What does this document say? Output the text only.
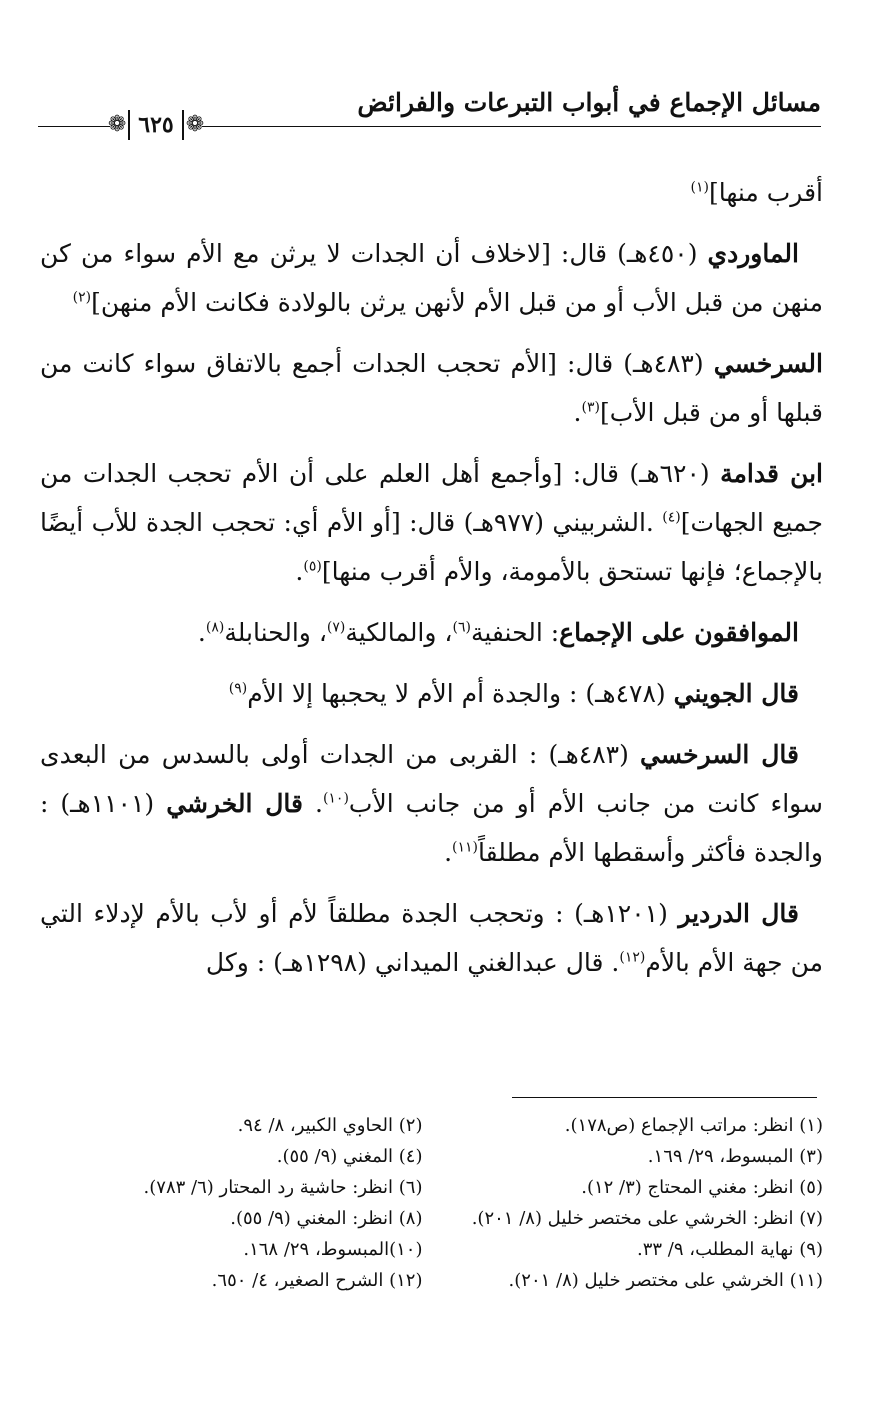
مسائل الإجماع في أبواب التبرعات والفرائض
❁
٦٢٥
❁

أقرب منها]$^{(١)}$

الماوردي (٤٥٠هـ) قال: [لاخلاف أن الجدات لا يرثن مع الأم سواء من كن منهن من قبل الأب أو من قبل الأم لأنهن يرثن بالولادة فكانت الأم منهن]$^{(٢)}$

السرخسي (٤٨٣هـ) قال: [الأم تحجب الجدات أجمع بالاتفاق سواء كانت من قبلها أو من قبل الأب]$^{(٣)}$.

ابن قدامة (٦٢٠هـ) قال: [وأجمع أهل العلم على أن الأم تحجب الجدات من جميع الجهات]$^{(٤)}$ .الشربيني (٩٧٧هـ) قال: [أو الأم أي: تحجب الجدة للأب أيضًا بالإجماع؛ فإنها تستحق بالأمومة، والأم أقرب منها]$^{(٥)}$.

الموافقون على الإجماع: الحنفية$^{(٦)}$، والمالكية$^{(٧)}$، والحنابلة$^{(٨)}$.

قال الجويني (٤٧٨هـ) : والجدة أم الأم لا يحجبها إلا الأم$^{(٩)}$

قال السرخسي (٤٨٣هـ) : القربى من الجدات أولى بالسدس من البعدى سواء كانت من جانب الأم أو من جانب الأب$^{(١٠)}$. قال الخرشي (١١٠١هـ) : والجدة فأكثر وأسقطها الأم مطلقاً$^{(١١)}$.

قال الدردير (١٢٠١هـ) : وتحجب الجدة مطلقاً لأم أو لأب بالأم لإدلاء التي من جهة الأم بالأم$^{(١٢)}$. قال عبدالغني الميداني (١٢٩٨هـ) : وكل

(١) انظر: مراتب الإجماع (ص١٧٨).
(٢) الحاوي الكبير، ٨/ ٩٤.
(٣) المبسوط، ٢٩/ ١٦٩.
(٤) المغني (٩/ ٥٥).
(٥) انظر: مغني المحتاج (٣/ ١٢).
(٦) انظر: حاشية رد المحتار (٦/ ٧٨٣).
(٧) انظر: الخرشي على مختصر خليل (٨/ ٢٠١).
(٨) انظر: المغني (٩/ ٥٥).
(٩) نهاية المطلب، ٩/ ٣٣.
(١٠)المبسوط، ٢٩/ ١٦٨.
(١١) الخرشي على مختصر خليل (٨/ ٢٠١).
(١٢) الشرح الصغير، ٤/ ٦٥٠.
